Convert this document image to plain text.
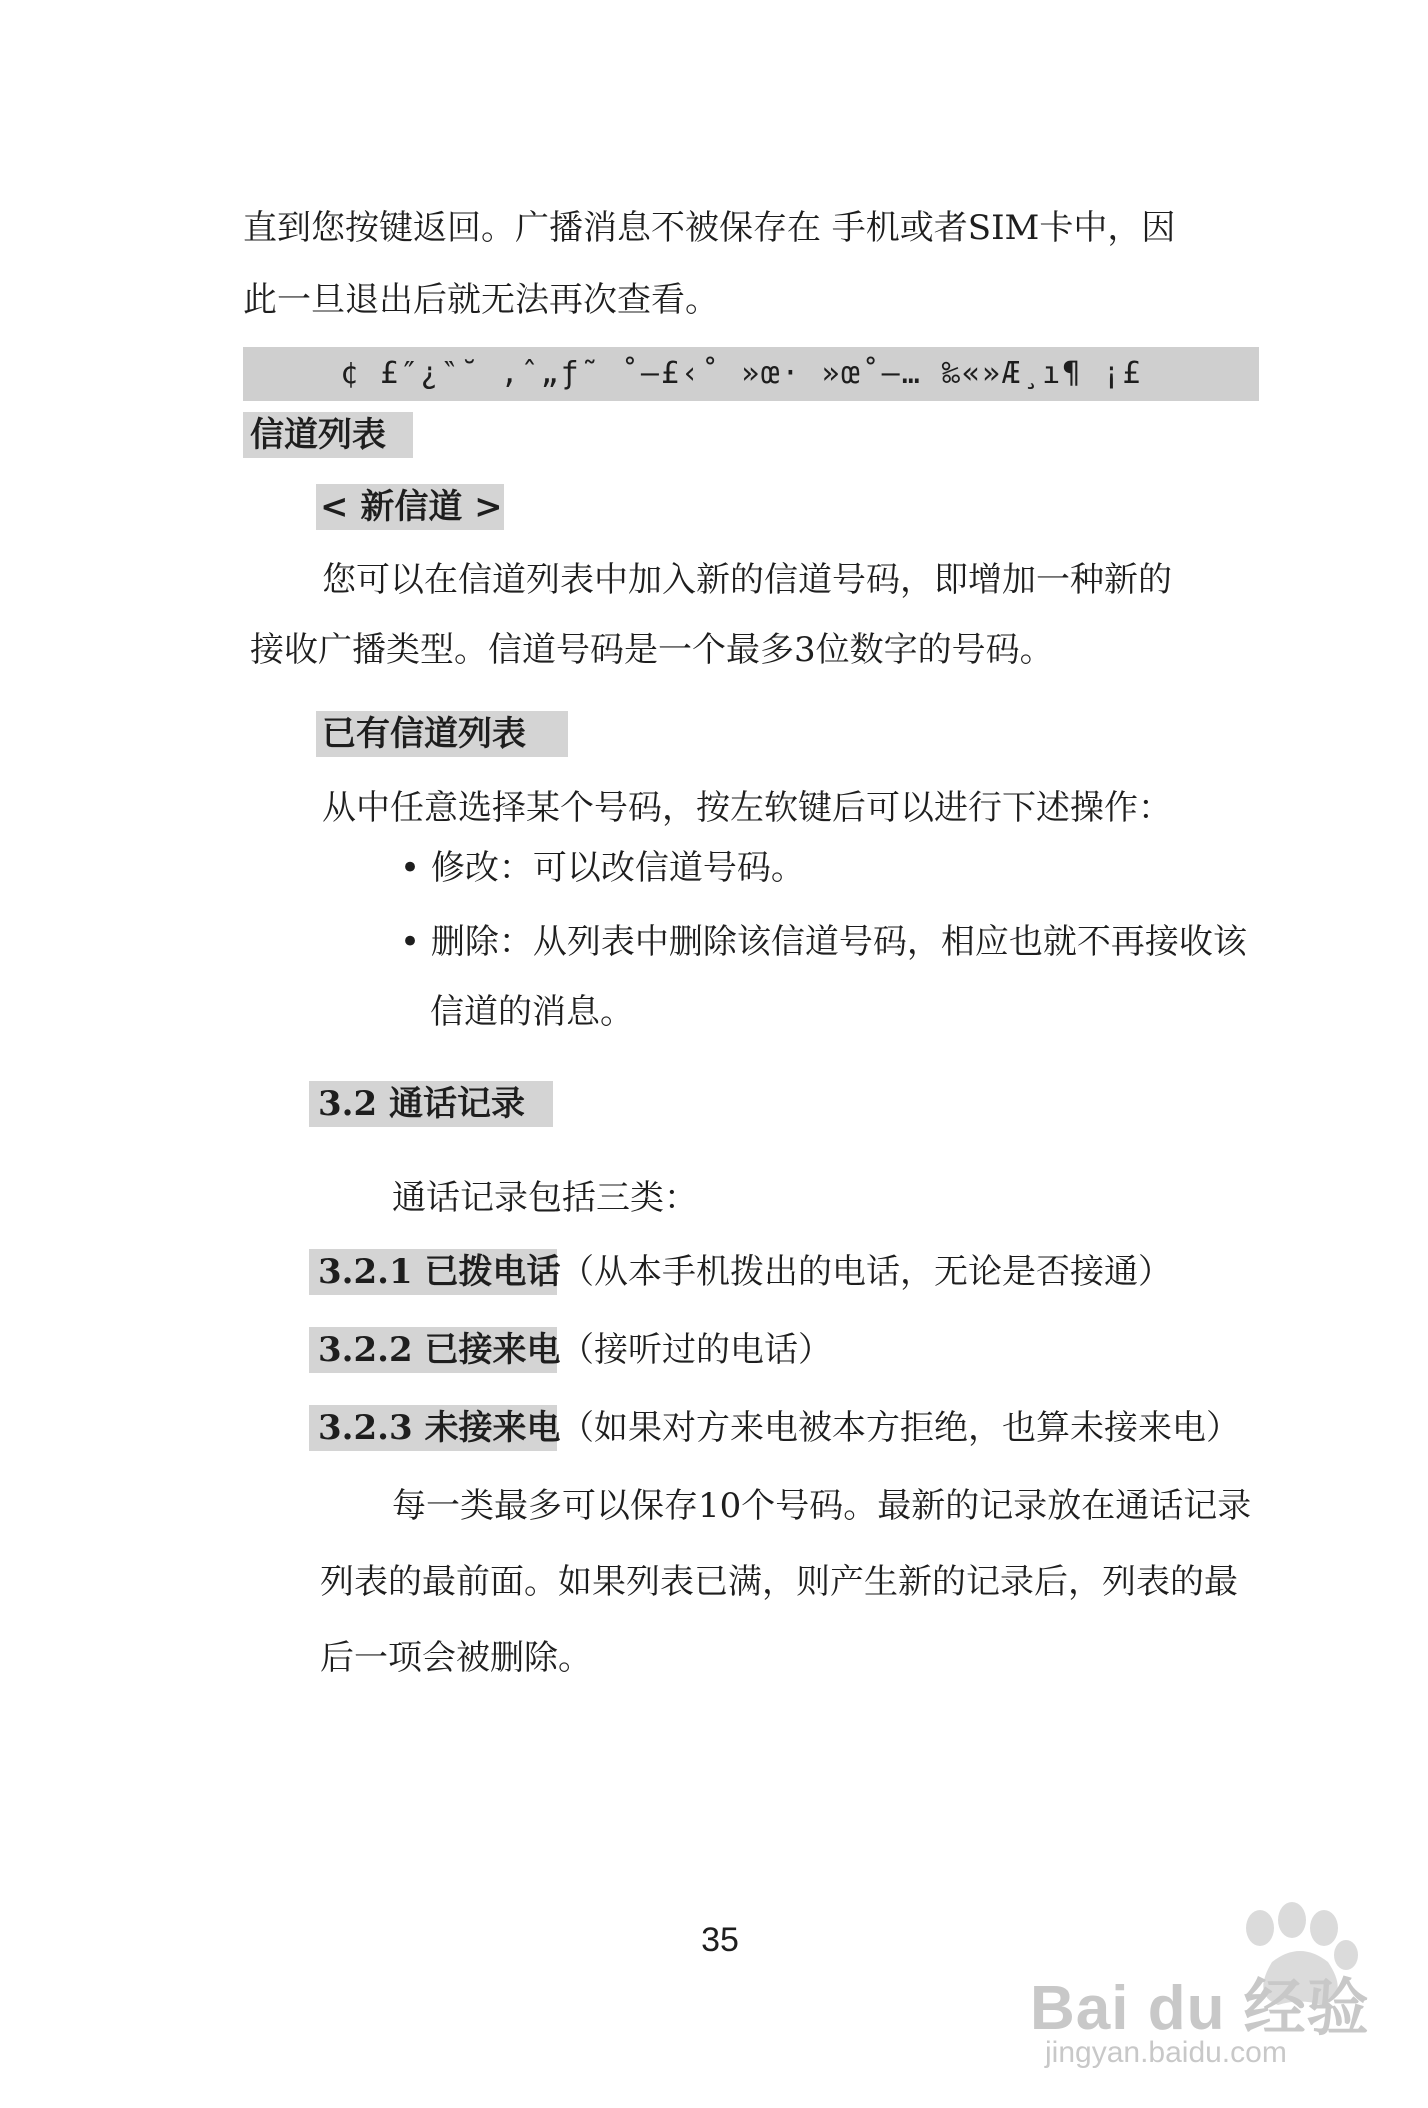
直到您按键返回。广播消息不被保存在 手机或者SIM卡中，因
此一旦退出后就无法再次查看。
¢ £″¿‶˘ ‚ˆ„ƒ˜ ˚–£‹˚ »œ· »œ˚–… ‰«»Æ¸ı¶ ¡£
信道列表
< 新信道 >
您可以在信道列表中加入新的信道号码，即增加一种新的
接收广播类型。信道号码是一个最多3位数字的号码。
已有信道列表
从中任意选择某个号码，按左软键后可以进行下述操作：
• 修改：可以改信道号码。
• 删除：从列表中删除该信道号码，相应也就不再接收该
信道的消息。
3.2 通话记录
通话记录包括三类：
3.2.1 已拨电话 （从本手机拨出的电话，无论是否接通）
3.2.2 已接来电 （接听过的电话）
3.2.3 未接来电 （如果对方来电被本方拒绝，也算未接来电）
每一类最多可以保存10个号码。最新的记录放在通话记录
列表的最前面。如果列表已满，则产生新的记录后，列表的最
后一项会被删除。
35
Bai du 经验
jingyan.baidu.com
